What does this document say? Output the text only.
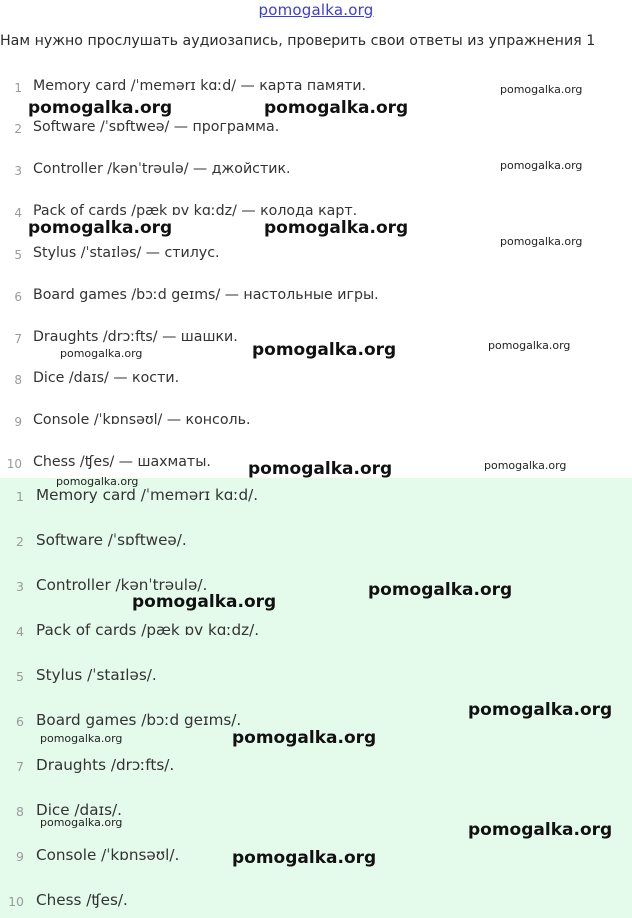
pomogalka.org
Нам нужно прослушать аудиозапись, проверить свои ответы из упражнения 1
1 Memory card /ˈmemərɪ kɑːd/ — карта памяти.
2 Software /ˈsɒftweə/ — программа.
3 Controller /kənˈtrəulə/ — джойстик.
4 Pack of cards /pæk ɒv kɑːdz/ — колода карт.
5 Stylus /ˈstaɪləs/ — стилус.
6 Board games /bɔːd geɪms/ — настольные игры.
7 Draughts /drɔːfts/ — шашки.
8 Dice /daɪs/ — кости.
9 Console /ˈkɒnsəʊl/ — консоль.
10 Chess /ʧes/ — шахматы.
1 Memory card /ˈmemərɪ kɑːd/.
2 Software /ˈsɒftweə/.
3 Controller /kənˈtrəulə/.
4 Pack of cards /pæk ɒv kɑːdz/.
5 Stylus /ˈstaɪləs/.
6 Board games /bɔːd geɪms/.
7 Draughts /drɔːfts/.
8 Dice /daɪs/.
9 Console /ˈkɒnsəʊl/.
10 Chess /ʧes/.
pomogalka.org	pomogalka.org
pomogalka.org
pomogalka.org
pomogalka.org	pomogalka.org
pomogalka.org
pomogalka.org	pomogalka.org	pomogalka.org
pomogalka.org	pomogalka.org
pomogalka.org
pomogalka.org
pomogalka.org
pomogalka.org
pomogalka.org	pomogalka.org
pomogalka.org	pomogalka.org
pomogalka.org
